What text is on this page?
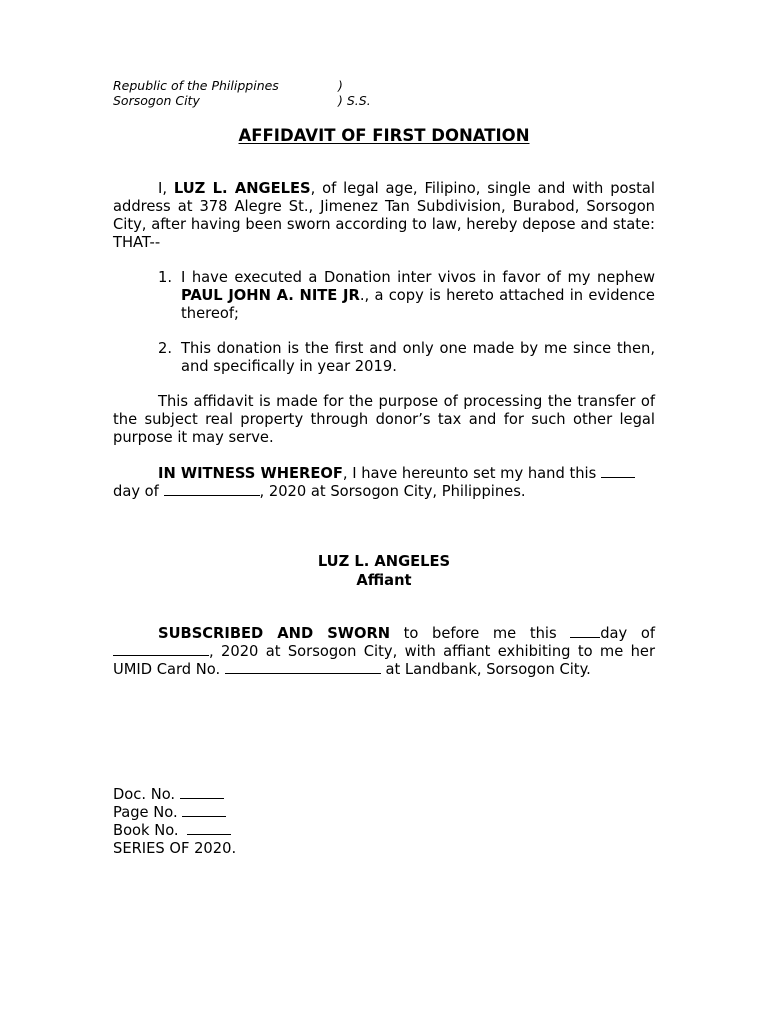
Republic of the Philippines	)
Sorsogon City	) S.S.
AFFIDAVIT OF FIRST DONATION
I, LUZ L. ANGELES, of legal age, Filipino, single and with postal address at 378 Alegre St., Jimenez Tan Subdivision, Burabod, Sorsogon City, after having been sworn according to law, hereby depose and state: THAT--
1. I have executed a Donation inter vivos in favor of my nephew PAUL JOHN A. NITE JR., a copy is hereto attached in evidence thereof;
2. This donation is the first and only one made by me since then, and specifically in year 2019.
This affidavit is made for the purpose of processing the transfer of the subject real property through donor’s tax and for such other legal purpose it may serve.
IN WITNESS WHEREOF, I have hereunto set my hand this day of	, 2020 at Sorsogon City, Philippines.
LUZ L. ANGELES
Affiant
SUBSCRIBED AND SWORN to before me this day of , 2020 at Sorsogon City, with affiant exhibiting to me her UMID Card No.	at Landbank, Sorsogon City.
Doc. No.
Page No.
Book No.
SERIES OF 2020.
